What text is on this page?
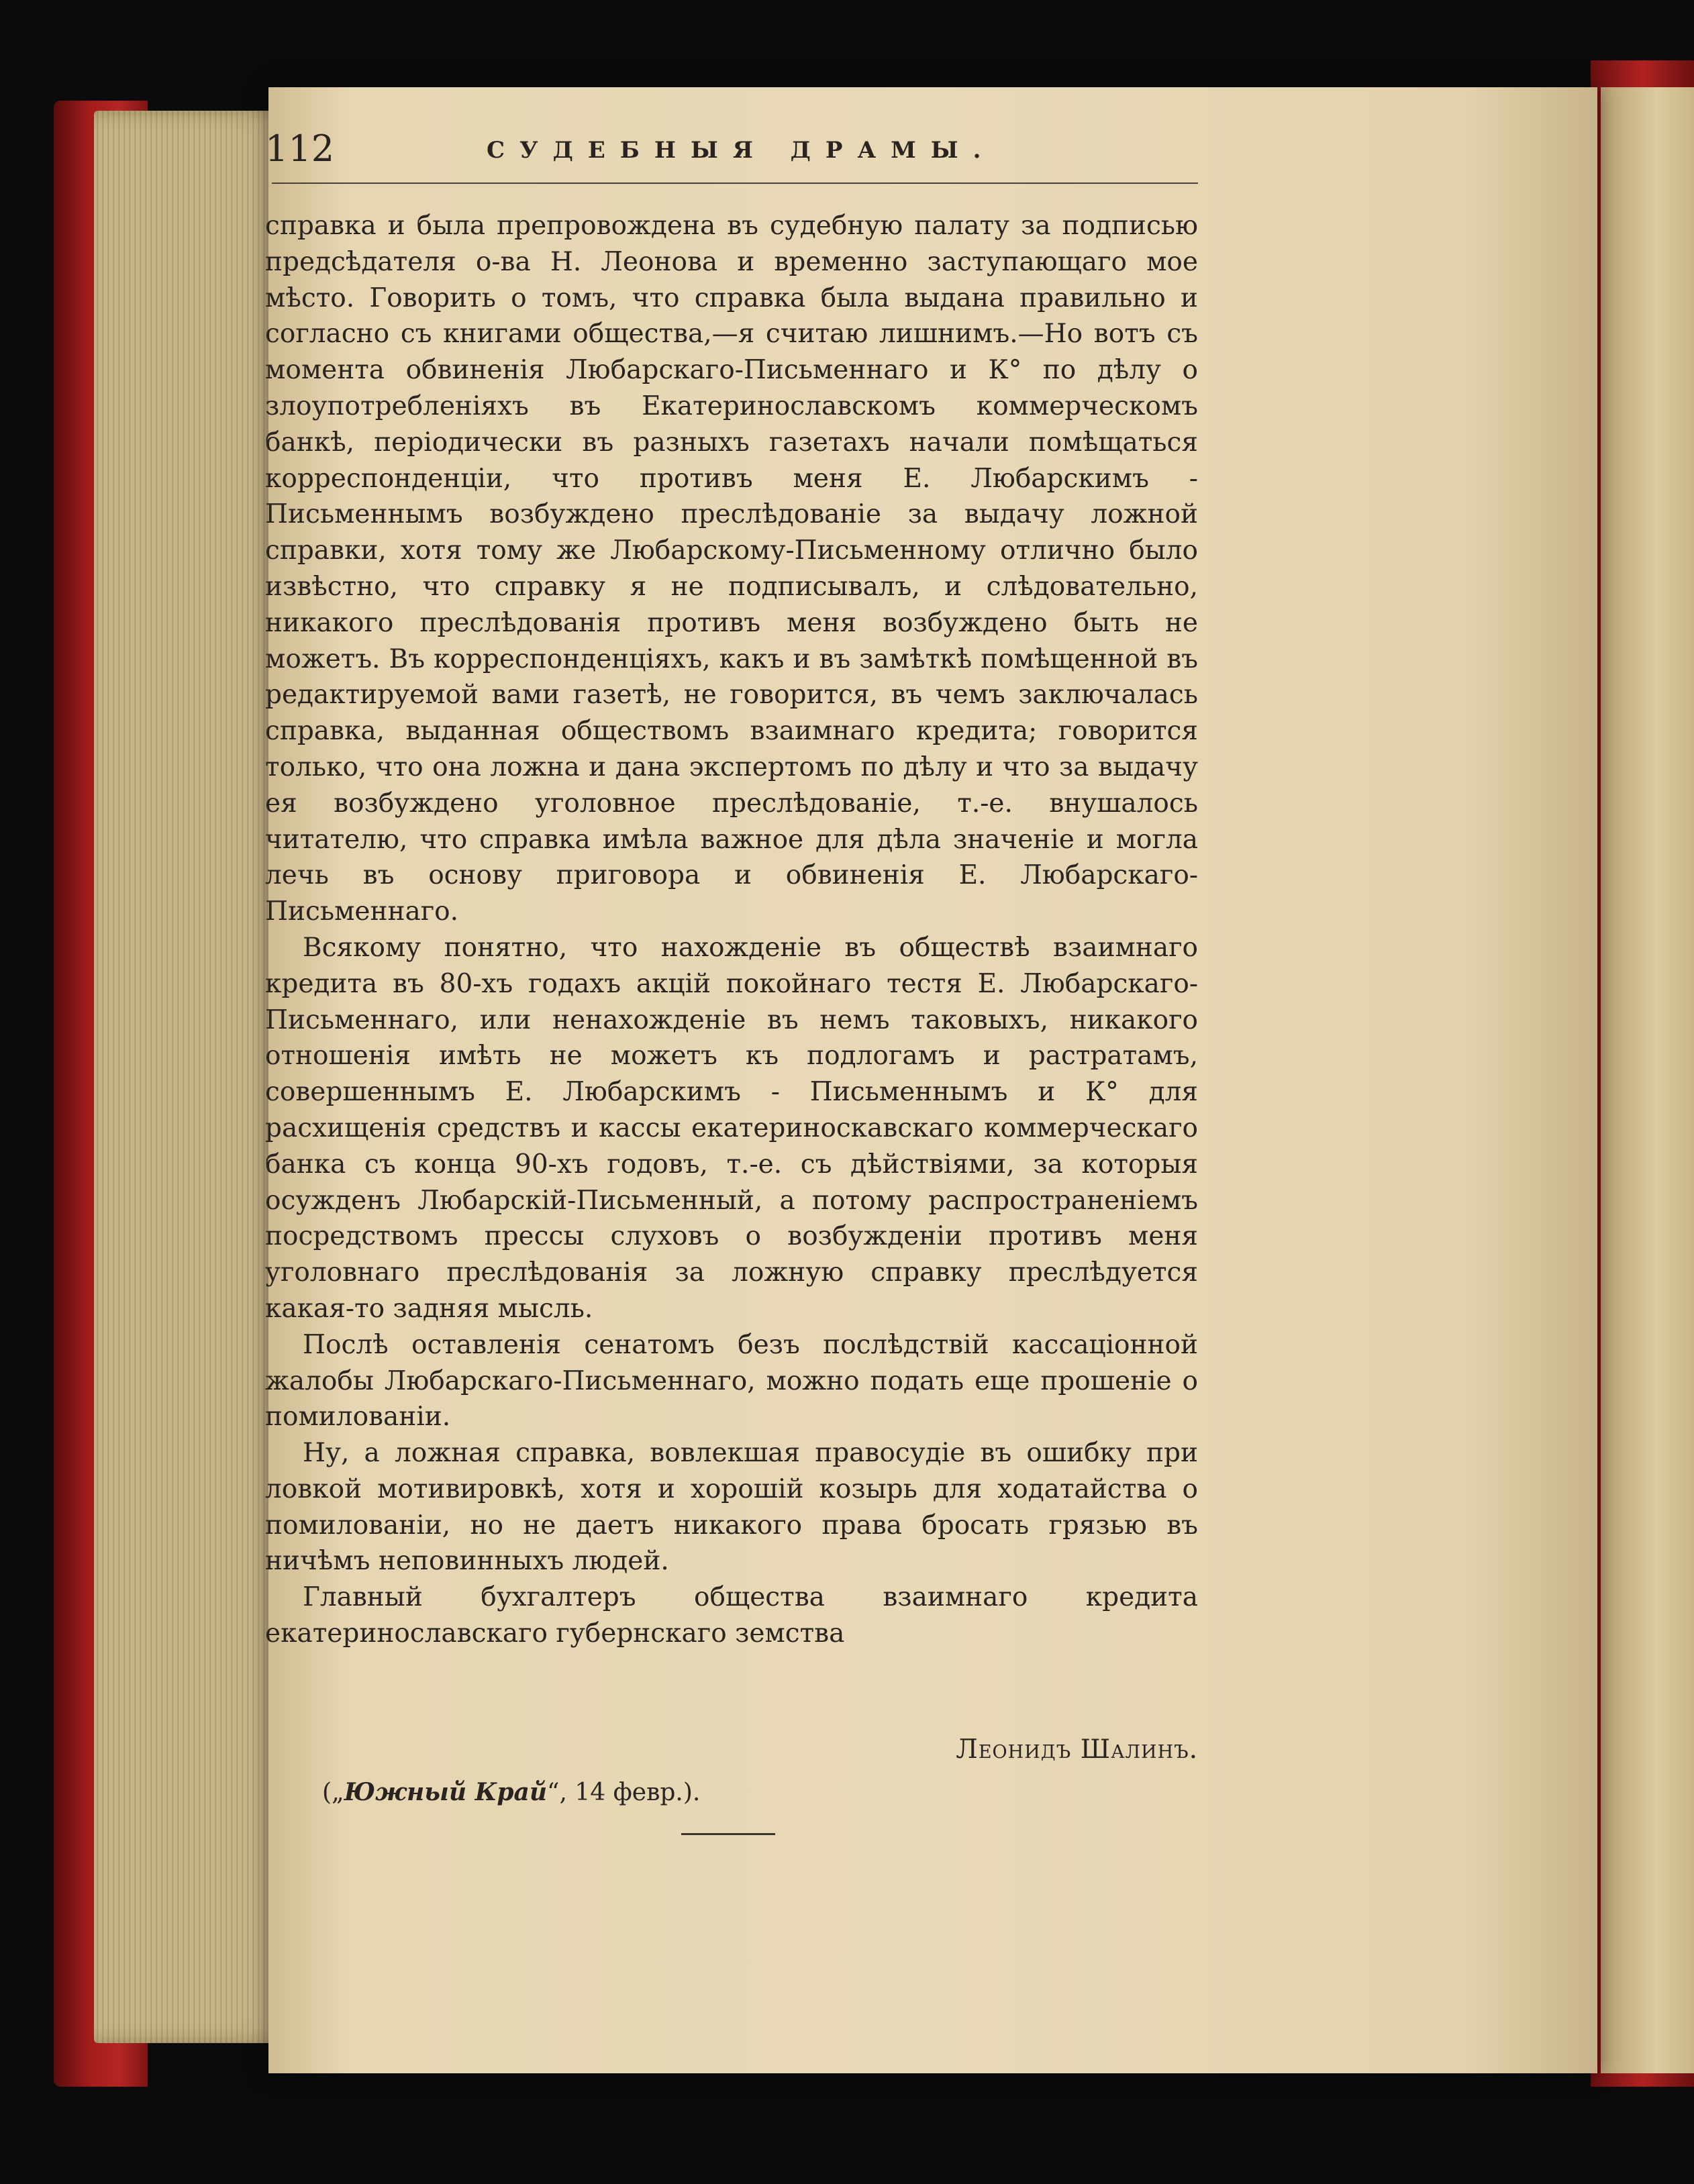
112	СУДЕБНЫЯ ДРАМЫ.

справка и была препровождена въ судебную палату за подписью предсѣдателя о-ва Н. Леонова и временно заступающаго мое мѣсто. Говорить о томъ, что справка была выдана правильно и согласно съ книгами общества,—я считаю лишнимъ.—Но вотъ съ момента обвиненія Любарскаго-Письменнаго и К° по дѣлу о злоупотребленіяхъ въ Екатеринославскомъ коммерческомъ банкѣ, періодически въ разныхъ газетахъ начали помѣщаться корреспонденціи, что противъ меня Е. Любарскимъ - Письменнымъ возбуждено преслѣдованіе за выдачу ложной справки, хотя тому же Любарскому-Письменному отлично было извѣстно, что справку я не подписывалъ, и слѣдовательно, никакого преслѣдованія противъ меня возбуждено быть не можетъ. Въ корреспонденціяхъ, какъ и въ замѣткѣ помѣщенной въ редактируемой вами газетѣ, не говорится, въ чемъ заключалась справка, выданная обществомъ взаимнаго кредита; говорится только, что она ложна и дана экспертомъ по дѣлу и что за выдачу ея возбуждено уголовное преслѣдованіе, т.-е. внушалось читателю, что справка имѣла важное для дѣла значеніе и могла лечь въ основу приговора и обвиненія Е. Любарскаго-Письменнаго.

Всякому понятно, что нахожденіе въ обществѣ взаимнаго кредита въ 80-хъ годахъ акцій покойнаго тестя Е. Любарскаго-Письменнаго, или ненахожденіе въ немъ таковыхъ, никакого отношенія имѣть не можетъ къ подлогамъ и растратамъ, совершеннымъ Е. Любарскимъ - Письменнымъ и К° для расхищенія средствъ и кассы екатериноскавскаго коммерческаго банка съ конца 90-хъ годовъ, т.-е. съ дѣйствіями, за которыя осужденъ Любарскій-Письменный, а потому распространеніемъ посредствомъ прессы слуховъ о возбужденіи противъ меня уголовнаго преслѣдованія за ложную справку преслѣдуется какая-то задняя мысль.

Послѣ оставленія сенатомъ безъ послѣдствій кассаціонной жалобы Любарскаго-Письменнаго, можно подать еще прошеніе о помилованіи.

Ну, а ложная справка, вовлекшая правосудіе въ ошибку при ловкой мотивировкѣ, хотя и хорошій козырь для ходатайства о помилованіи, но не даетъ никакого права бросать грязью въ ничѣмъ неповинныхъ людей.

Главный бухгалтеръ общества взаимнаго кредита екатеринославскаго губернскаго земства

Леонидъ Шалинъ.
(„Южный Край“, 14 февр.).
